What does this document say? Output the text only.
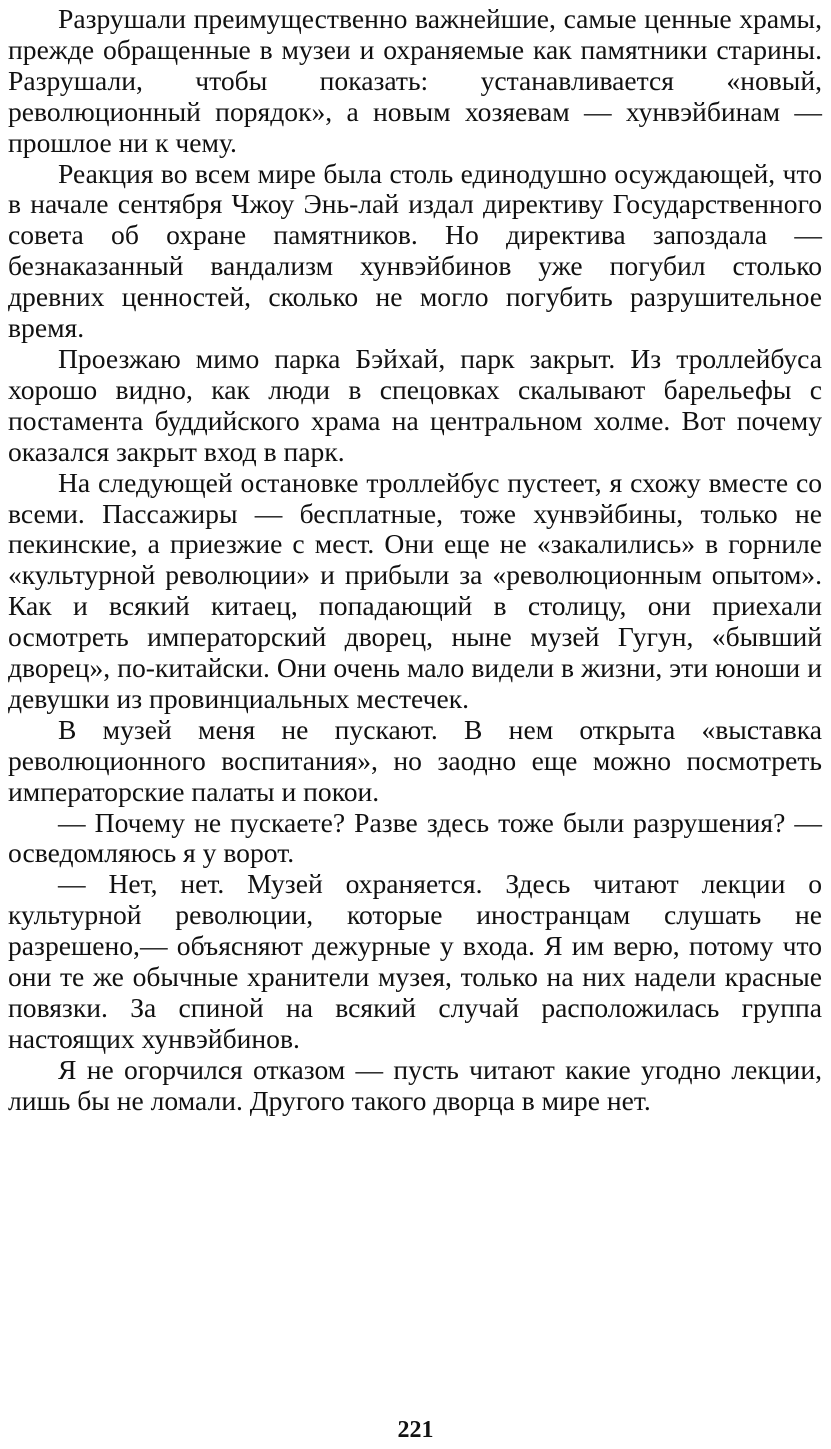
Разрушали преимущественно важнейшие, самые ценные храмы, прежде обращенные в музеи и охраняемые как памятники старины. Разрушали, чтобы показать: устанавливается «новый, революционный порядок», а новым хозяевам — хунвэйбинам — прошлое ни к чему.

Реакция во всем мире была столь единодушно осуждающей, что в начале сентября Чжоу Энь-лай издал директиву Государственного совета об охране памятников. Но директива запоздала — безнаказанный вандализм хунвэйбинов уже погубил столько древних ценностей, сколько не могло погубить разрушительное время.

Проезжаю мимо парка Бэйхай, парк закрыт. Из троллейбуса хорошо видно, как люди в спецовках скалывают барельефы с постамента буддийского храма на центральном холме. Вот почему оказался закрыт вход в парк.

На следующей остановке троллейбус пустеет, я схожу вместе со всеми. Пассажиры — бесплатные, тоже хунвэйбины, только не пекинские, а приезжие с мест. Они еще не «закалились» в горниле «культурной революции» и прибыли за «революционным опытом». Как и всякий китаец, попадающий в столицу, они приехали осмотреть императорский дворец, ныне музей Гугун, «бывший дворец», по-китайски. Они очень мало видели в жизни, эти юноши и девушки из провинциальных местечек.

В музей меня не пускают. В нем открыта «выставка революционного воспитания», но заодно еще можно посмотреть императорские палаты и покои.

— Почему не пускаете? Разве здесь тоже были разрушения? — осведомляюсь я у ворот.

— Нет, нет. Музей охраняется. Здесь читают лекции о культурной революции, которые иностранцам слушать не разрешено,— объясняют дежурные у входа. Я им верю, потому что они те же обычные хранители музея, только на них надели красные повязки. За спиной на всякий случай расположилась группа настоящих хунвэйбинов.

Я не огорчился отказом — пусть читают какие угодно лекции, лишь бы не ломали. Другого такого дворца в мире нет.

221
